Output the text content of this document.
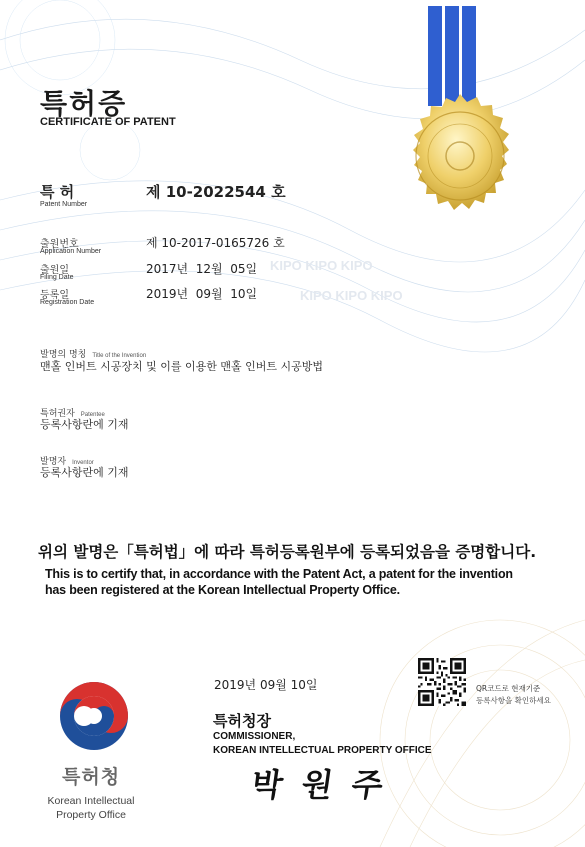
KIPO KIPO KIPO
KIPO KIPO KIPO
특허증
CERTIFICATE OF PATENT
특 허
Patent Number
제 10-2022544 호
출원번호
Application Number
제 10-2017-0165726 호
출원일
Filing Date
2017년  12월  05일
등록일
Registration Date
2019년  09월  10일
발명의 명칭 Title of the Invention
맨홀 인버트 시공장치 및 이를 이용한 맨홀 인버트 시공방법
특허권자 Patentee
등록사항란에 기재
발명자 Inventor
등록사항란에 기재
위의 발명은「특허법」에 따라 특허등록원부에 등록되었음을 증명합니다.
This is to certify that, in accordance with the Patent Act, a patent for the invention
has been registered at the Korean Intellectual Property Office.
2019년 09월 10일	QR코드로 현재기준
등록사항을 확인하세요
특허청장
COMMISSIONER,
KOREAN INTELLECTUAL PROPERTY OFFICE
박 원 주
특허청
Korean Intellectual
Property Office
